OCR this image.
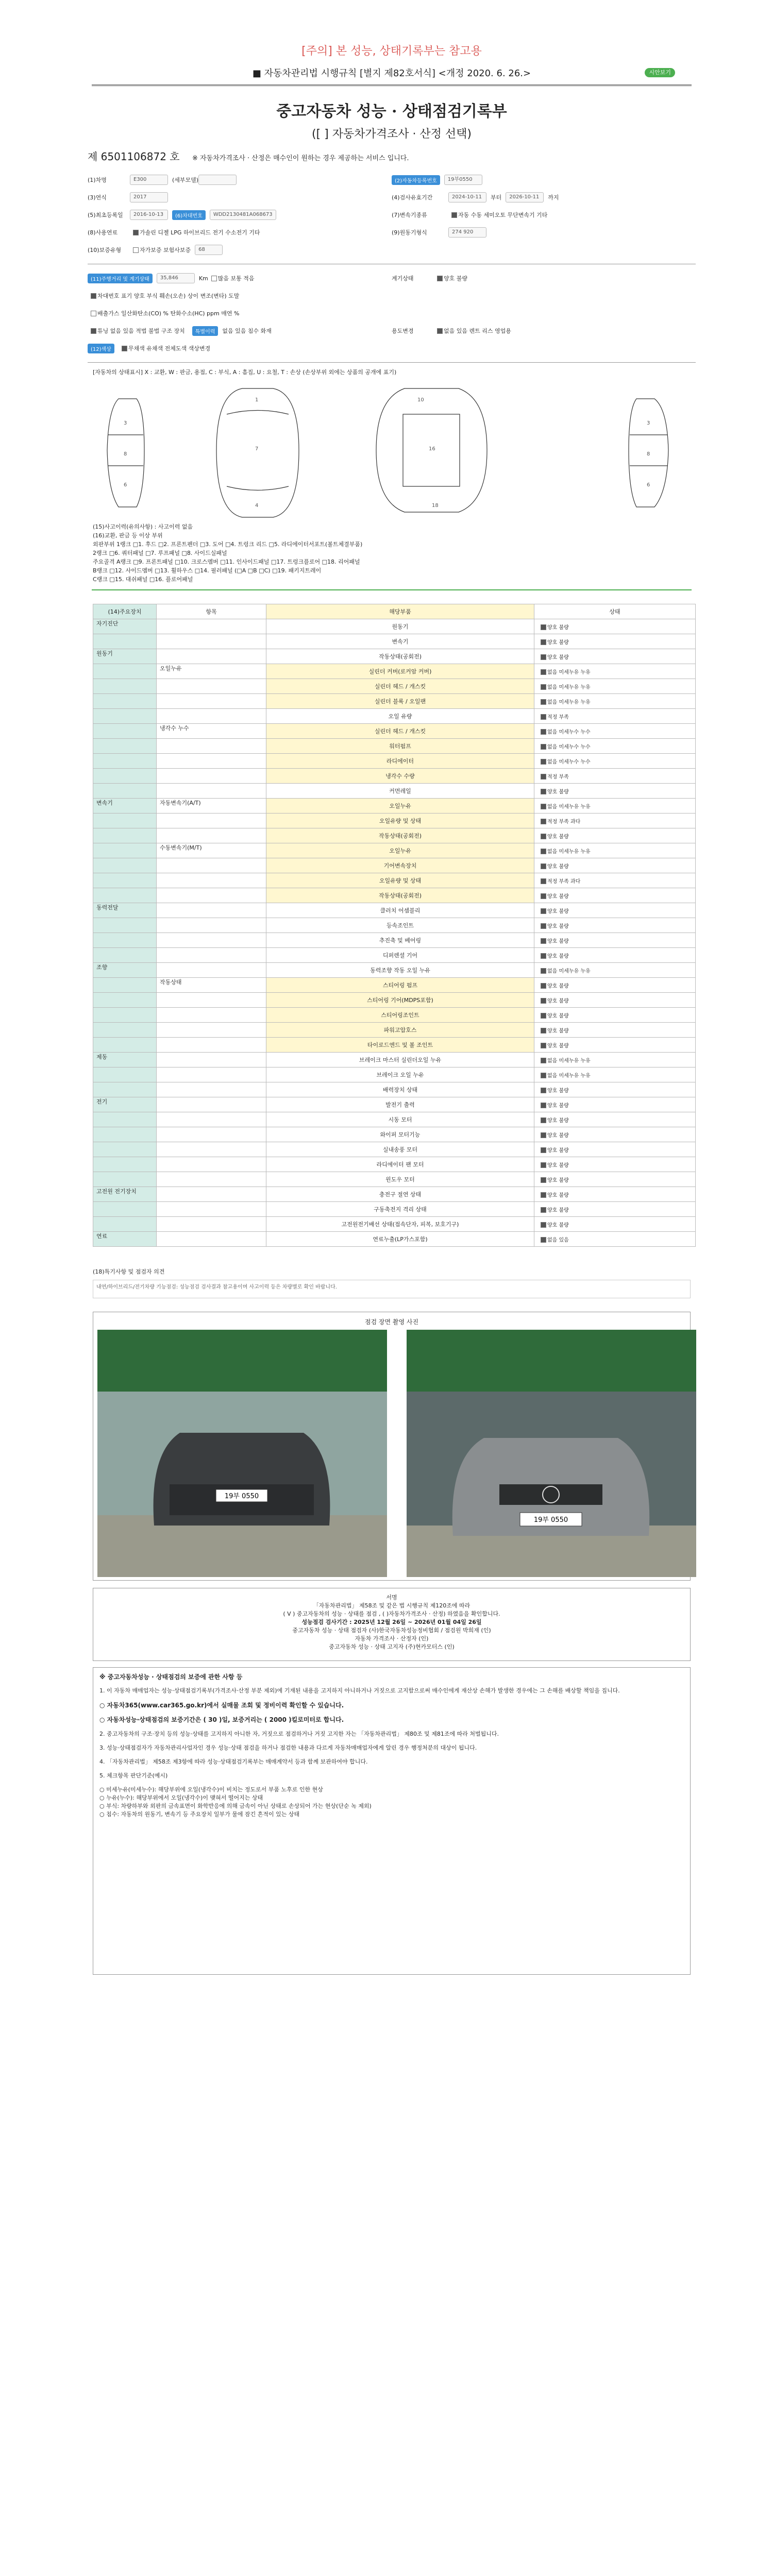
[주의] 본 성능, 상태기록부는 참고용
■ 자동차관리법 시행규칙 [별지 제82호서식] <개정 2020. 6. 26.>	시안보기
중고자동차 성능 · 상태점검기록부
([ ] 자동차가격조사 · 산정 선택)
제 6501106872 호 ※ 자동차가격조사 · 산정은 매수인이 원하는 경우 제공하는 서비스 입니다.
(1)차명	E300	(세부모델)	(2)자동차등록번호	19부0550
(3)연식	2017	(4)검사유효기간	2024-10-11	부터	2026-10-11	까지
(5)최초등록일	2016-10-13	(6)차대번호	WDD2130481A068673	(7)변속기종류	자동 수동 세미오토 무단변속기 기타
(8)사용연료	가솔린 디젤 LPG 하이브리드 전기 수소전기 기타	(9)원동기형식	274 920
(10)보증유형	자가보증 보험사보증	68
(11)주행거리 및 계기상태	35,846	Km 많음 보통 적음	계기상태	양호 불량
차대번호 표기 양호 부식 훼손(오손) 상이 변조(변타) 도말
배출가스 일산화탄소(CO) % 탄화수소(HC) ppm 매연 %
튜닝 없음 있음 적법 불법 구조 장치	특별이력	없음 있음 침수 화재	용도변경	없음 있음 렌트 리스 영업용
(12)색상	무채색 유채색 전체도색 색상변경
[자동차의 상태표시] X : 교환, W : 판금, 용접, C : 부식, A : 흠집, U : 요철, T : 손상 (손상부위 외에는 상품의 공개에 표기)
3
8
6
1
7
4
16
10
18
3
8
6
(15)사고이력(유의사항) : 사고이력 없음
(16)교환, 판금 등 이상 부위
외판부위 1랭크 □1. 후드 □2. 프론트펜더 □3. 도어 □4. 트렁크 리드 □5. 라디에이터서포트(볼트체결부품)
2랭크 □6. 쿼터패널 □7. 루프패널 □8. 사이드실패널
주요골격 A랭크 □9. 프론트패널 □10. 크로스멤버 □11. 인사이드패널 □17. 트렁크플로어 □18. 리어패널
B랭크 □12. 사이드멤버 □13. 휠하우스 □14. 필러패널 (□A □B □C) □19. 패키지트레이
C랭크 □15. 대쉬패널 □16. 플로어패널
(14)주요장치	항목	해당부품	상태
자기진단		원동기	양호 불량
		변속기	양호 불량
원동기		작동상태(공회전)	양호 불량
	오일누유	실린더 커버(로커암 커버)	없음 미세누유 누유
		실린더 헤드 / 개스킷	없음 미세누유 누유
		실린더 블록 / 오일팬	없음 미세누유 누유
		오일 유량	적정 부족
	냉각수 누수	실린더 헤드 / 개스킷	없음 미세누수 누수
		워터펌프	없음 미세누수 누수
		라디에이터	없음 미세누수 누수
		냉각수 수량	적정 부족
		커먼레일	양호 불량
변속기	자동변속기(A/T)	오일누유	없음 미세누유 누유
		오일유량 및 상태	적정 부족 과다
		작동상태(공회전)	양호 불량
	수동변속기(M/T)	오일누유	없음 미세누유 누유
		기어변속장치	양호 불량
		오일유량 및 상태	적정 부족 과다
		작동상태(공회전)	양호 불량
동력전달		클러치 어셈블리	양호 불량
		등속조인트	양호 불량
		추진축 및 베어링	양호 불량
		디퍼렌셜 기어	양호 불량
조향		동력조향 작동 오일 누유	없음 미세누유 누유
	작동상태	스티어링 펌프	양호 불량
		스티어링 기어(MDPS포함)	양호 불량
		스티어링조인트	양호 불량
		파워고압호스	양호 불량
		타이로드엔드 및 볼 조인트	양호 불량
제동		브레이크 마스터 실린더오일 누유	없음 미세누유 누유
		브레이크 오일 누유	없음 미세누유 누유
		배력장치 상태	양호 불량
전기		발전기 출력	양호 불량
		시동 모터	양호 불량
		와이퍼 모터기능	양호 불량
		실내송풍 모터	양호 불량
		라디에이터 팬 모터	양호 불량
		윈도우 모터	양호 불량
고전원 전기장치		충전구 절연 상태	양호 불량
		구동축전지 격리 상태	양호 불량
		고전원전기배선 상태(접속단자, 피복, 보호기구)	양호 불량
연료		연료누출(LP가스포함)	없음 있음
(18)특기사항 및 점검자 의견
내연/하이브리드/전기차량 기능점검: 성능점검 검사결과 참고용이며 사고이력 등은 차량별로 확인 바랍니다.
점검 장면 촬영 사진
19부 0550
19부 0550
서명
「자동차관리법」 제58조 및 같은 법 시행규칙 제120조에 따라
( V ) 중고자동차의 성능 · 상태를 점검 , ( )자동차가격조사 · 산정) 하였음을 확인합니다.
성능점검 검사기간 : 2025년 12월 26일 ~ 2026년 01월 04일 26일
중고자동차 성능 · 상태 점검자 (사)한국자동차성능정비협회 / 점검원 박희재 (인)
자동차 가격조사 · 산정자 (인)
중고자동차 성능 · 상태 고지자 (주)현카모터스 (인)
※ 중고자동차성능 · 상태점검의 보증에 관한 사항 등

1. 이 자동차 매매업자는 성능·상태점검기록부(가격조사·산정 부분 제외)에 기재된 내용을 고지하지 아니하거나 거짓으로 고지함으로써 매수인에게 재산상 손해가 발생한 경우에는 그 손해를 배상할 책임을 집니다.

○ 자동차365(www.car365.go.kr)에서 실매물 조회 및 정비이력 확인할 수 있습니다.

○ 자동차성능·상태점검의 보증기간은 ( 30 )일, 보증거리는 ( 2000 )킬로미터로 합니다.

2. 중고자동차의 구조·장치 등의 성능·상태를 고지하지 아니한 자, 거짓으로 점검하거나 거짓 고지한 자는 「자동차관리법」 제80조 및 제81조에 따라 처벌됩니다.

3. 성능·상태점검자가 자동차관리사업자인 경우 성능·상태 점검을 하거나 점검한 내용과 다르게 자동차매매업자에게 알린 경우 행정처분의 대상이 됩니다.

4. 「자동차관리법」 제58조 제3항에 따라 성능·상태점검기록부는 매매계약서 등과 함께 보관하여야 합니다.

5. 체크항목 판단기준(예시)

○ 미세누유(미세누수): 해당부위에 오일(냉각수)이 비치는 정도로서 부품 노후로 인한 현상
○ 누유(누수): 해당부위에서 오일(냉각수)이 맺혀서 떨어지는 상태
○ 부식: 차량하부와 외판의 금속표면이 화학반응에 의해 금속이 아닌 상태로 손상되어 가는 현상(단순 녹 제외)
○ 침수: 자동차의 원동기, 변속기 등 주요장치 일부가 물에 잠긴 흔적이 있는 상태
